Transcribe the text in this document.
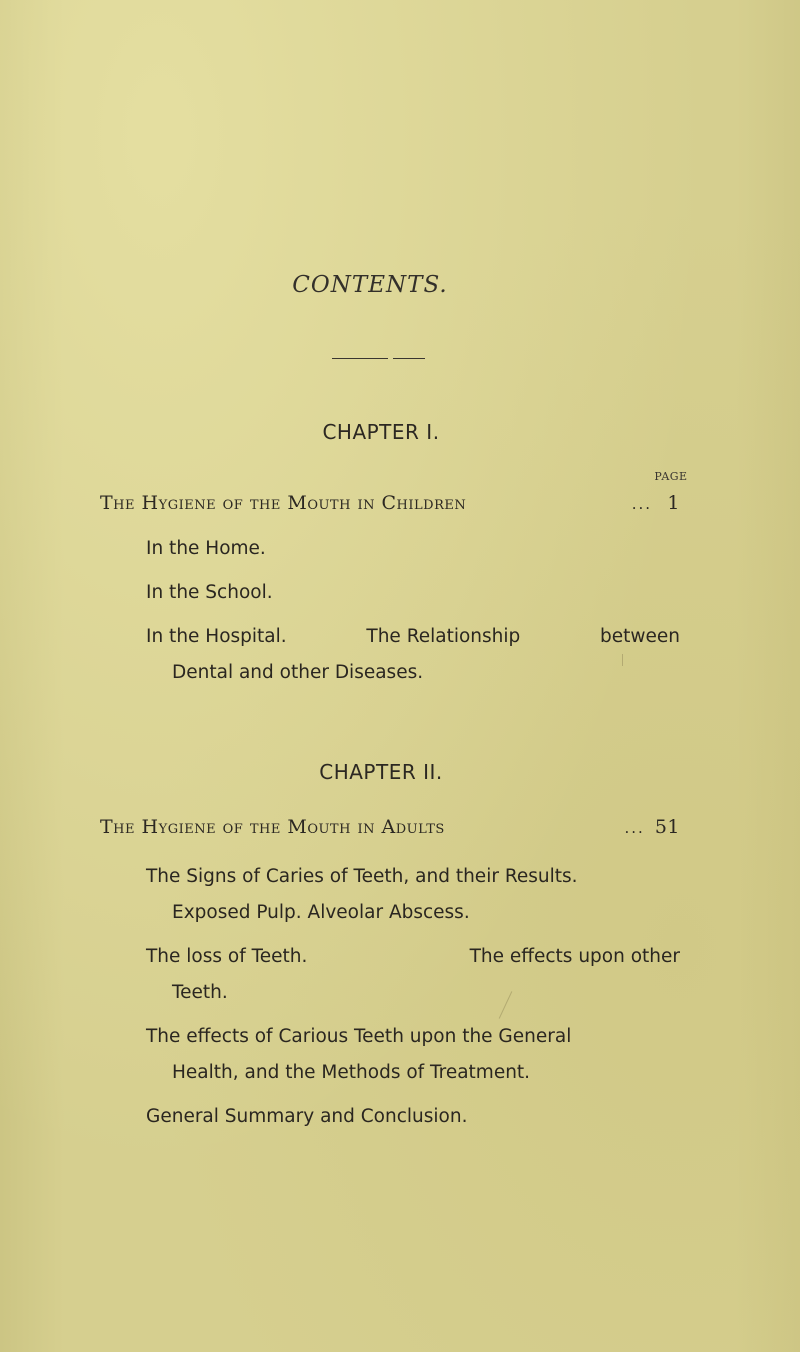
CONTENTS.
CHAPTER I.
PAGE
The Hygiene of the Mouth in Children	... 1
In the Home.
In the School.
In the Hospital.	The Relationship	between
Dental and other Diseases.
CHAPTER II.
The Hygiene of the Mouth in Adults	... 51
The Signs of Caries of Teeth, and their Results.
Exposed Pulp. Alveolar Abscess.
The loss of Teeth.	The effects upon other
Teeth.
The effects of Carious Teeth upon the General
Health, and the Methods of Treatment.
General Summary and Conclusion.
